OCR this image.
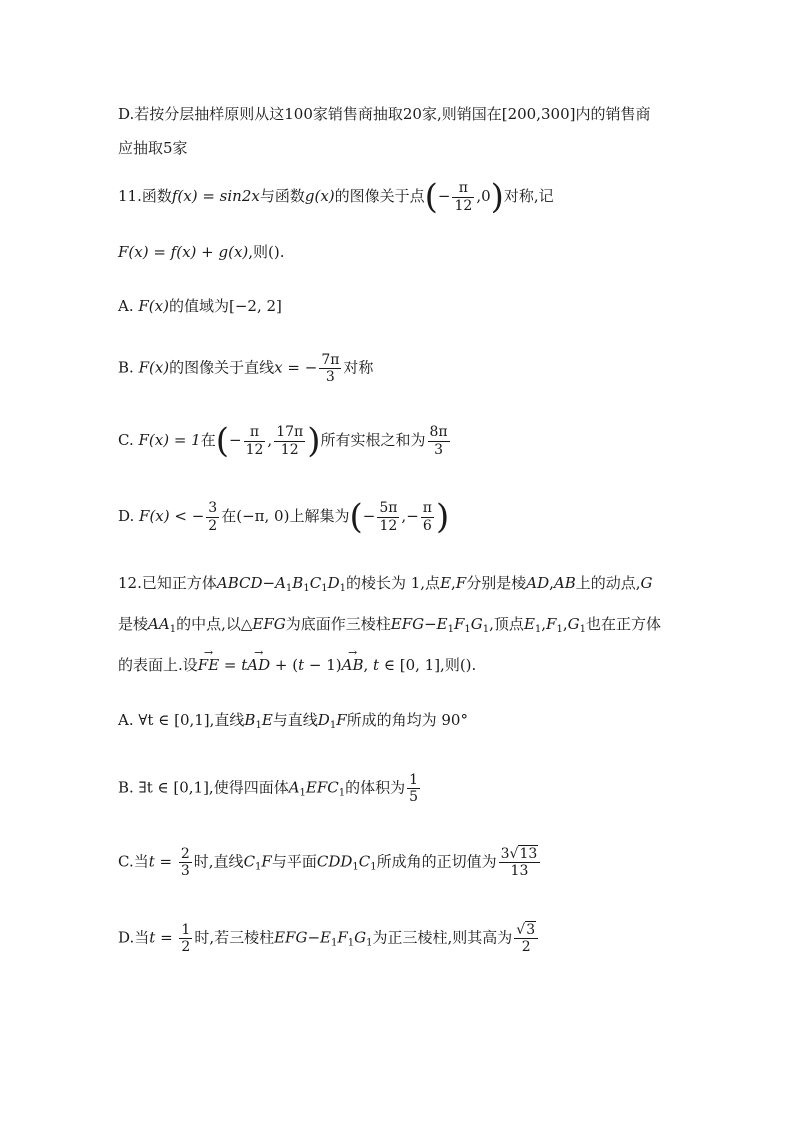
D.若按分层抽样原则从这100家销售商抽取20家,则销国在[200,300]内的销售商
应抽取5家
11.函数f(x) = sin2x与函数g(x)的图像关于点(− $\frac{\pi}{12} ,0$)对称,记
F(x) = f(x) + g(x),则().
A. F(x)的值域为[−2, 2]
B. F(x)的图像关于直线x = − $\frac{7\pi}{3}$ 对称
C. F(x) = 1在(− $\frac{\pi}{12}$ , $\frac{17\pi}{12}$ )所有实根之和为 $\frac{8\pi}{3}$
D. F(x) < − $\frac{3}{2}$ 在(−π, 0)上解集为(− $\frac{5\pi}{12}$ ,− $\frac{\pi}{6}$ )
12.已知正方体$ABCD-A_1B_1C_1D_1$的棱长为 1,点E,F分别是棱AD,AB上的动点,G
是棱$AA_1$的中点,以△EFG为底面作三棱柱$EFG-E_1F_1G_1$,顶点$E_1,F_1,G_1$也在正方体
的表面上.设→ FE = t→ AD + (t − 1)→ AB, t ∈ [0, 1],则().
A. ∀t ∈ [0,1],直线$B_1E$与直线$D_1F$所成的角均为 90°
B. ∃t ∈ [0,1],使得四面体$A_1EFC_1$的体积为 $\frac{1}{5}$
C.当$t = \frac{2}{3}$ 时,直线$C_1F$与平面$CDD_1C_1$所成角的正切值为 $\frac{3√13}{13}$
D.当$t = \frac{1}{2}$ 时,若三棱柱$EFG-E_1F_1G_1$为正三棱柱,则其高为 $\frac{√3}{2}$
